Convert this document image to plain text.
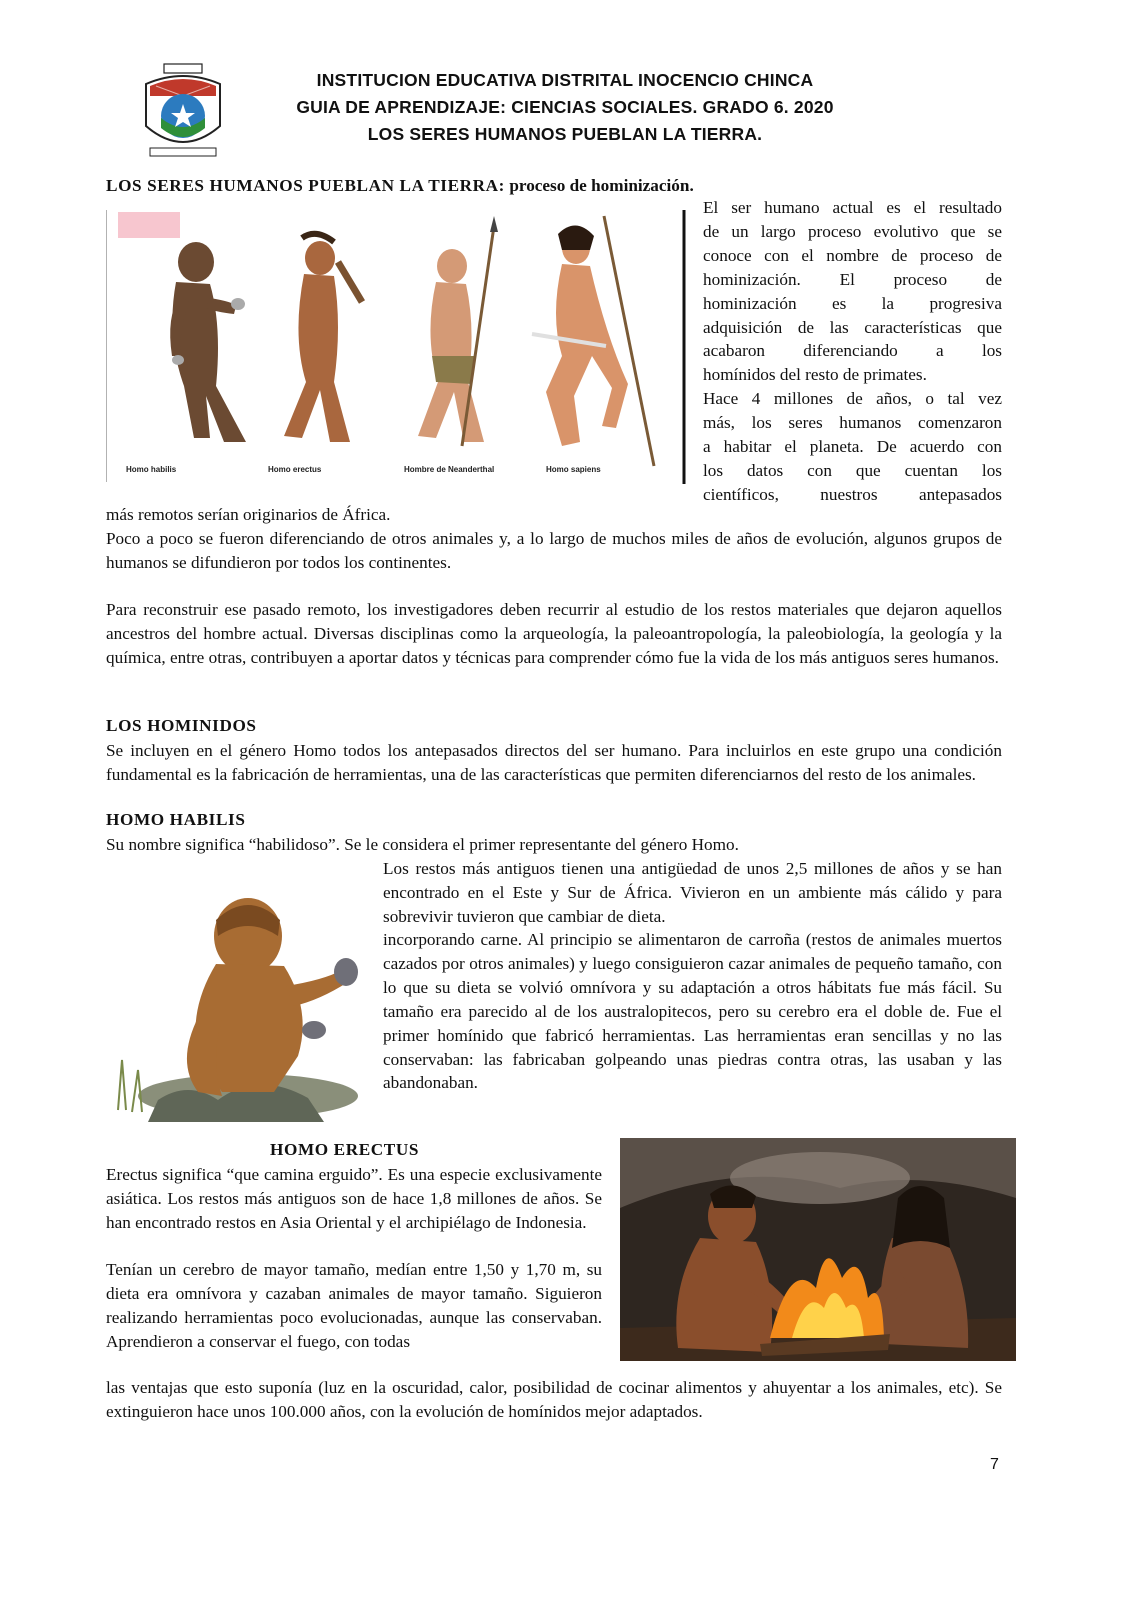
INSTITUCION EDUCATIVA DISTRITAL INOCENCIO CHINCA
GUIA DE APRENDIZAJE: CIENCIAS SOCIALES. GRADO 6. 2020
LOS SERES HUMANOS PUEBLAN LA TIERRA.
LOS SERES HUMANOS PUEBLAN LA TIERRA: proceso de hominización.
Homo habilis	Homo erectus	Hombre de Neanderthal	Homo sapiens
El ser humano actual es el resultado
de un largo proceso evolutivo que se
conoce con el nombre de proceso de
hominización. El proceso de
hominización es la progresiva
adquisición de las características que
acabaron diferenciando a los
homínidos del resto de primates.
Hace 4 millones de años, o tal vez
más, los seres humanos comenzaron
a habitar el planeta. De acuerdo con
los datos con que cuentan los
científicos, nuestros antepasados
más remotos serían originarios de África.
Poco a poco se fueron diferenciando de otros animales y, a lo largo de muchos miles de años de evolución, algunos grupos de humanos se difundieron por todos los continentes.
Para reconstruir ese pasado remoto, los investigadores deben recurrir al estudio de los restos materiales que dejaron aquellos ancestros del hombre actual. Diversas disciplinas como la arqueología, la paleoantropología, la paleobiología, la geología y la química, entre otras, contribuyen a aportar datos y técnicas para comprender cómo fue la vida de los más antiguos seres humanos.
LOS HOMINIDOS
Se incluyen en el género Homo todos los antepasados directos del ser humano. Para incluirlos en este grupo una condición fundamental es la fabricación de herramientas, una de las características que permiten diferenciarnos del resto de los animales.
HOMO HABILIS
Su nombre significa “habilidoso”. Se le considera el primer representante del género Homo.
Los restos más antiguos tienen una antigüedad de unos 2,5 millones de años y se han encontrado en el Este y Sur de África. Vivieron en un ambiente más cálido y para sobrevivir tuvieron que cambiar de dieta.
incorporando carne. Al principio se alimentaron de carroña (restos de animales muertos cazados por otros animales) y luego consiguieron cazar animales de pequeño tamaño, con lo que su dieta se volvió omnívora y su adaptación a otros hábitats fue más fácil. Su tamaño era parecido al de los australopitecos, pero su cerebro era el doble de. Fue el primer homínido que fabricó herramientas. Las herramientas eran sencillas y no las conservaban: las fabricaban golpeando unas piedras contra otras, las usaban y las abandonaban.
HOMO ERECTUS
Erectus significa “que camina erguido”. Es una especie exclusivamente asiática. Los restos más antiguos son de hace 1,8 millones de años. Se han encontrado restos en Asia Oriental y el archipiélago de Indonesia.
Tenían un cerebro de mayor tamaño, medían entre 1,50 y 1,70 m, su dieta era omnívora y cazaban animales de mayor tamaño. Siguieron realizando herramientas poco evolucionadas, aunque las conservaban. Aprendieron a conservar el fuego, con todas
las ventajas que esto suponía (luz en la oscuridad, calor, posibilidad de cocinar alimentos y ahuyentar a los animales, etc). Se extinguieron hace unos 100.000 años, con la evolución de homínidos mejor adaptados.
7
